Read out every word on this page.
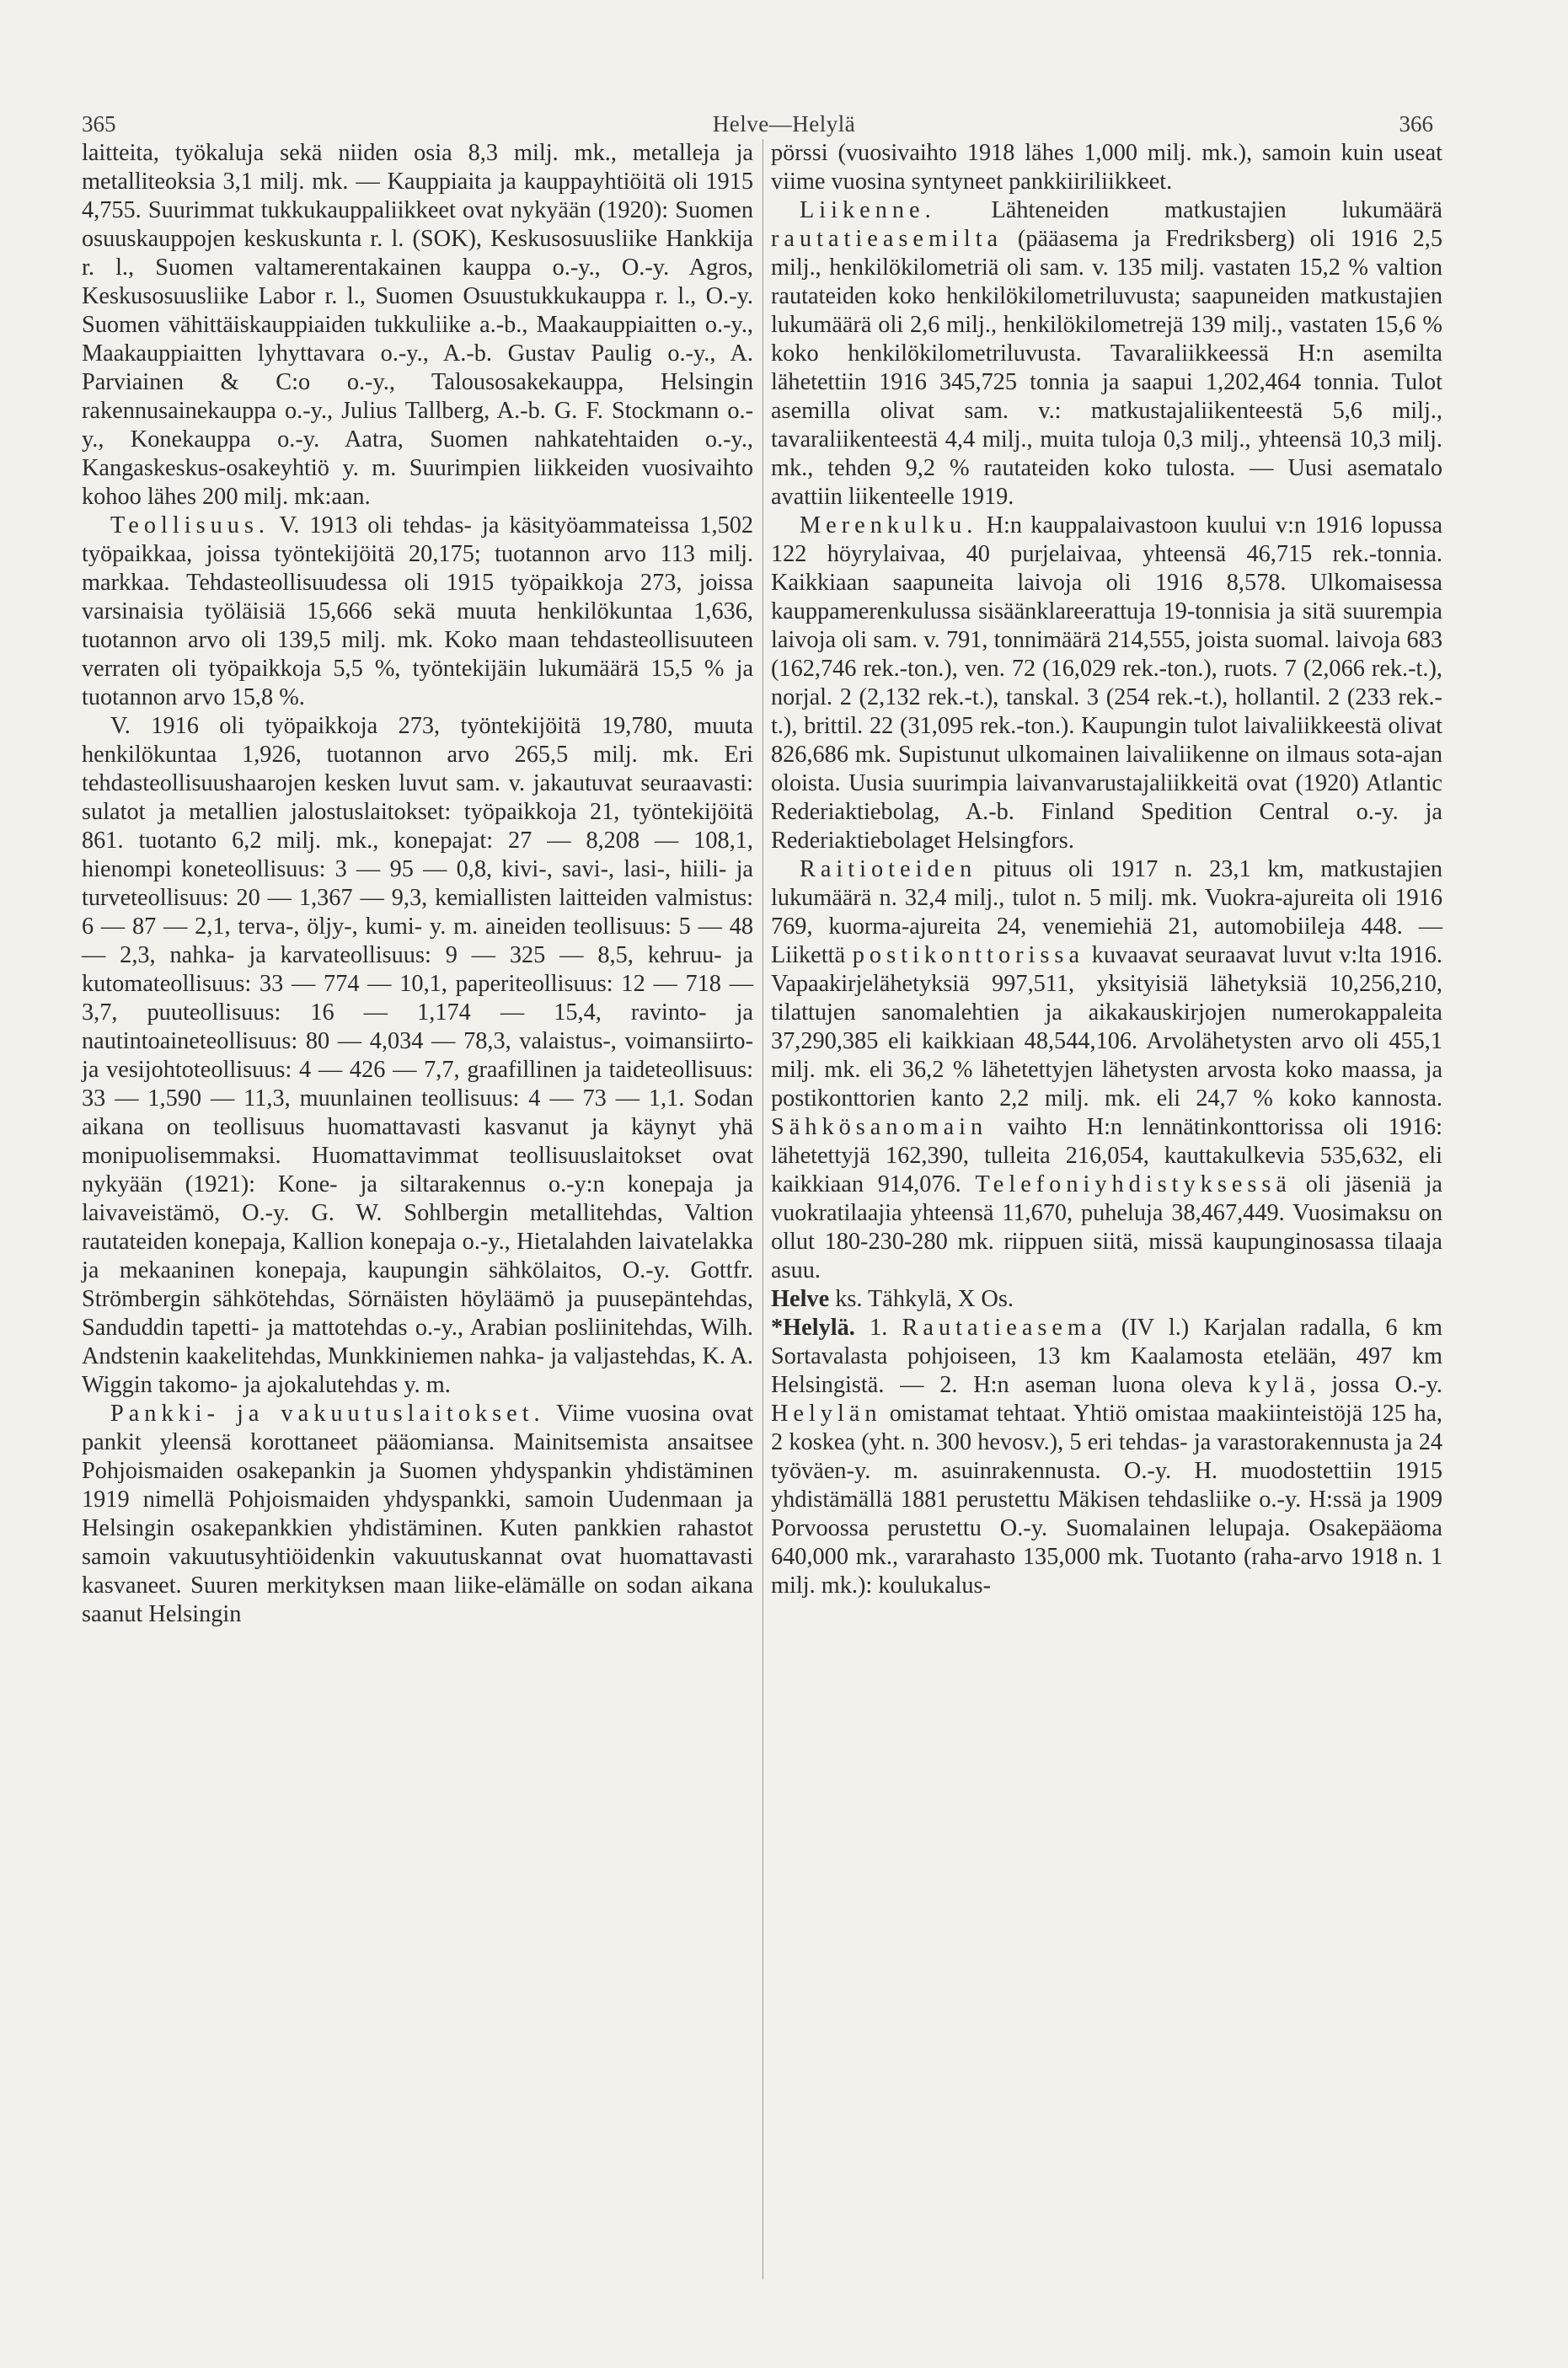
365	Helve—Helylä	366

laitteita, työkaluja sekä niiden osia 8,3 milj. mk., metalleja ja metalliteoksia 3,1 milj. mk. — Kauppiaita ja kauppayhtiöitä oli 1915 4,755. Suurimmat tukkukauppaliikkeet ovat nykyään (1920): Suomen osuuskauppojen keskuskunta r. l. (SOK), Keskusosuusliike Hankkija r. l., Suomen valtamerentakainen kauppa o.-y., O.-y. Agros, Keskusosuusliike Labor r. l., Suomen Osuustukkukauppa r. l., O.-y. Suomen vähittäiskauppiaiden tukkuliike a.-b., Maakauppiaitten o.-y., Maakauppiaitten lyhyttavara o.-y., A.-b. Gustav Paulig o.-y., A. Parviainen & C:o o.-y., Talousosakekauppa, Helsingin rakennusainekauppa o.-y., Julius Tallberg, A.-b. G. F. Stockmann o.-y., Konekauppa o.-y. Aatra, Suomen nahkatehtaiden o.-y., Kangaskeskus-osakeyhtiö y. m. Suurimpien liikkeiden vuosivaihto kohoo lähes 200 milj. mk:aan.

Teollisuus. V. 1913 oli tehdas- ja käsityöammateissa 1,502 työpaikkaa, joissa työntekijöitä 20,175; tuotannon arvo 113 milj. markkaa. Tehdasteollisuudessa oli 1915 työpaikkoja 273, joissa varsinaisia työläisiä 15,666 sekä muuta henkilökuntaa 1,636, tuotannon arvo oli 139,5 milj. mk. Koko maan tehdasteollisuuteen verraten oli työpaikkoja 5,5 %, työntekijäin lukumäärä 15,5 % ja tuotannon arvo 15,8 %.

V. 1916 oli työpaikkoja 273, työntekijöitä 19,780, muuta henkilökuntaa 1,926, tuotannon arvo 265,5 milj. mk. Eri tehdasteollisuushaarojen kesken luvut sam. v. jakautuvat seuraavasti: sulatot ja metallien jalostuslaitokset: työpaikkoja 21, työntekijöitä 861. tuotanto 6,2 milj. mk., konepajat: 27 — 8,208 — 108,1, hienompi koneteollisuus: 3 — 95 — 0,8, kivi-, savi-, lasi-, hiili- ja turveteollisuus: 20 — 1,367 — 9,3, kemiallisten laitteiden valmistus: 6 — 87 — 2,1, terva-, öljy-, kumi- y. m. aineiden teollisuus: 5 — 48 — 2,3, nahka- ja karvateollisuus: 9 — 325 — 8,5, kehruu- ja kutomateollisuus: 33 — 774 — 10,1, paperiteollisuus: 12 — 718 — 3,7, puuteollisuus: 16 — 1,174 — 15,4, ravinto- ja nautintoaineteollisuus: 80 — 4,034 — 78,3, valaistus-, voimansiirto- ja vesijohtoteollisuus: 4 — 426 — 7,7, graafillinen ja taideteollisuus: 33 — 1,590 — 11,3, muunlainen teollisuus: 4 — 73 — 1,1. Sodan aikana on teollisuus huomattavasti kasvanut ja käynyt yhä monipuolisemmaksi. Huomattavimmat teollisuuslaitokset ovat nykyään (1921): Kone- ja siltarakennus o.-y:n konepaja ja laivaveistämö, O.-y. G. W. Sohlbergin metallitehdas, Valtion rautateiden konepaja, Kallion konepaja o.-y., Hietalahden laivatelakka ja mekaaninen konepaja, kaupungin sähkölaitos, O.-y. Gottfr. Strömbergin sähkötehdas, Sörnäisten höyläämö ja puusepäntehdas, Sanduddin tapetti- ja mattotehdas o.-y., Arabian posliinitehdas, Wilh. Andstenin kaakelitehdas, Munkkiniemen nahka- ja valjastehdas, K. A. Wiggin takomo- ja ajokalutehdas y. m.

Pankki- ja vakuutuslaitokset. Viime vuosina ovat pankit yleensä korottaneet pääomiansa. Mainitsemista ansaitsee Pohjoismaiden osakepankin ja Suomen yhdyspankin yhdistäminen 1919 nimellä Pohjoismaiden yhdyspankki, samoin Uudenmaan ja Helsingin osakepankkien yhdistäminen. Kuten pankkien rahastot samoin vakuutusyhtiöidenkin vakuutuskannat ovat huomattavasti kasvaneet. Suuren merkityksen maan liike-elämälle on sodan aikana saanut Helsingin

pörssi (vuosivaihto 1918 lähes 1,000 milj. mk.), samoin kuin useat viime vuosina syntyneet pankkiiriliikkeet.

Liikenne. Lähteneiden matkustajien lukumäärä rautatieasemilta (pääasema ja Fredriksberg) oli 1916 2,5 milj., henkilökilometriä oli sam. v. 135 milj. vastaten 15,2 % valtion rautateiden koko henkilökilometriluvusta; saapuneiden matkustajien lukumäärä oli 2,6 milj., henkilökilometrejä 139 milj., vastaten 15,6 % koko henkilökilometriluvusta. Tavaraliikkeessä H:n asemilta lähetettiin 1916 345,725 tonnia ja saapui 1,202,464 tonnia. Tulot asemilla olivat sam. v.: matkustajaliikenteestä 5,6 milj., tavaraliikenteestä 4,4 milj., muita tuloja 0,3 milj., yhteensä 10,3 milj. mk., tehden 9,2 % rautateiden koko tulosta. — Uusi asematalo avattiin liikenteelle 1919.

Merenkulku. H:n kauppalaivastoon kuului v:n 1916 lopussa 122 höyrylaivaa, 40 purjelaivaa, yhteensä 46,715 rek.-tonnia. Kaikkiaan saapuneita laivoja oli 1916 8,578. Ulkomaisessa kauppamerenkulussa sisäänklareerattuja 19-tonnisia ja sitä suurempia laivoja oli sam. v. 791, tonnimäärä 214,555, joista suomal. laivoja 683 (162,746 rek.-ton.), ven. 72 (16,029 rek.-ton.), ruots. 7 (2,066 rek.-t.), norjal. 2 (2,132 rek.-t.), tanskal. 3 (254 rek.-t.), hollantil. 2 (233 rek.-t.), brittil. 22 (31,095 rek.-ton.). Kaupungin tulot laivaliikkeestä olivat 826,686 mk. Supistunut ulkomainen laivaliikenne on ilmaus sota-ajan oloista. Uusia suurimpia laivanvarustajaliikkeitä ovat (1920) Atlantic Rederiaktiebolag, A.-b. Finland Spedition Central o.-y. ja Rederiaktiebolaget Helsingfors.

Raitioteiden pituus oli 1917 n. 23,1 km, matkustajien lukumäärä n. 32,4 milj., tulot n. 5 milj. mk. Vuokra-ajureita oli 1916 769, kuorma-ajureita 24, venemiehiä 21, automobiileja 448. — Liikettä postikonttorissa kuvaavat seuraavat luvut v:lta 1916. Vapaakirjelähetyksiä 997,511, yksityisiä lähetyksiä 10,256,210, tilattujen sanomalehtien ja aikakauskirjojen numerokappaleita 37,290,385 eli kaikkiaan 48,544,106. Arvolähetysten arvo oli 455,1 milj. mk. eli 36,2 % lähetettyjen lähetysten arvosta koko maassa, ja postikonttorien kanto 2,2 milj. mk. eli 24,7 % koko kannosta. Sähkösanomain vaihto H:n lennätinkonttorissa oli 1916: lähetettyjä 162,390, tulleita 216,054, kauttakulkevia 535,632, eli kaikkiaan 914,076. Telefoniyhdistyksessä oli jäseniä ja vuokratilaajia yhteensä 11,670, puheluja 38,467,449. Vuosimaksu on ollut 180-230-280 mk. riippuen siitä, missä kaupunginosassa tilaaja asuu.

Helve ks. Tähkylä, X Os.

*Helylä. 1. Rautatieasema (IV l.) Karjalan radalla, 6 km Sortavalasta pohjoiseen, 13 km Kaalamosta etelään, 497 km Helsingistä. — 2. H:n aseman luona oleva kylä, jossa O.-y. Helylän omistamat tehtaat. Yhtiö omistaa maakiinteistöjä 125 ha, 2 koskea (yht. n. 300 hevosv.), 5 eri tehdas- ja varastorakennusta ja 24 työväen-y. m. asuinrakennusta. O.-y. H. muodostettiin 1915 yhdistämällä 1881 perustettu Mäkisen tehdasliike o.-y. H:ssä ja 1909 Porvoossa perustettu O.-y. Suomalainen lelupaja. Osakepääoma 640,000 mk., vararahasto 135,000 mk. Tuotanto (raha-arvo 1918 n. 1 milj. mk.): koulukalus-
